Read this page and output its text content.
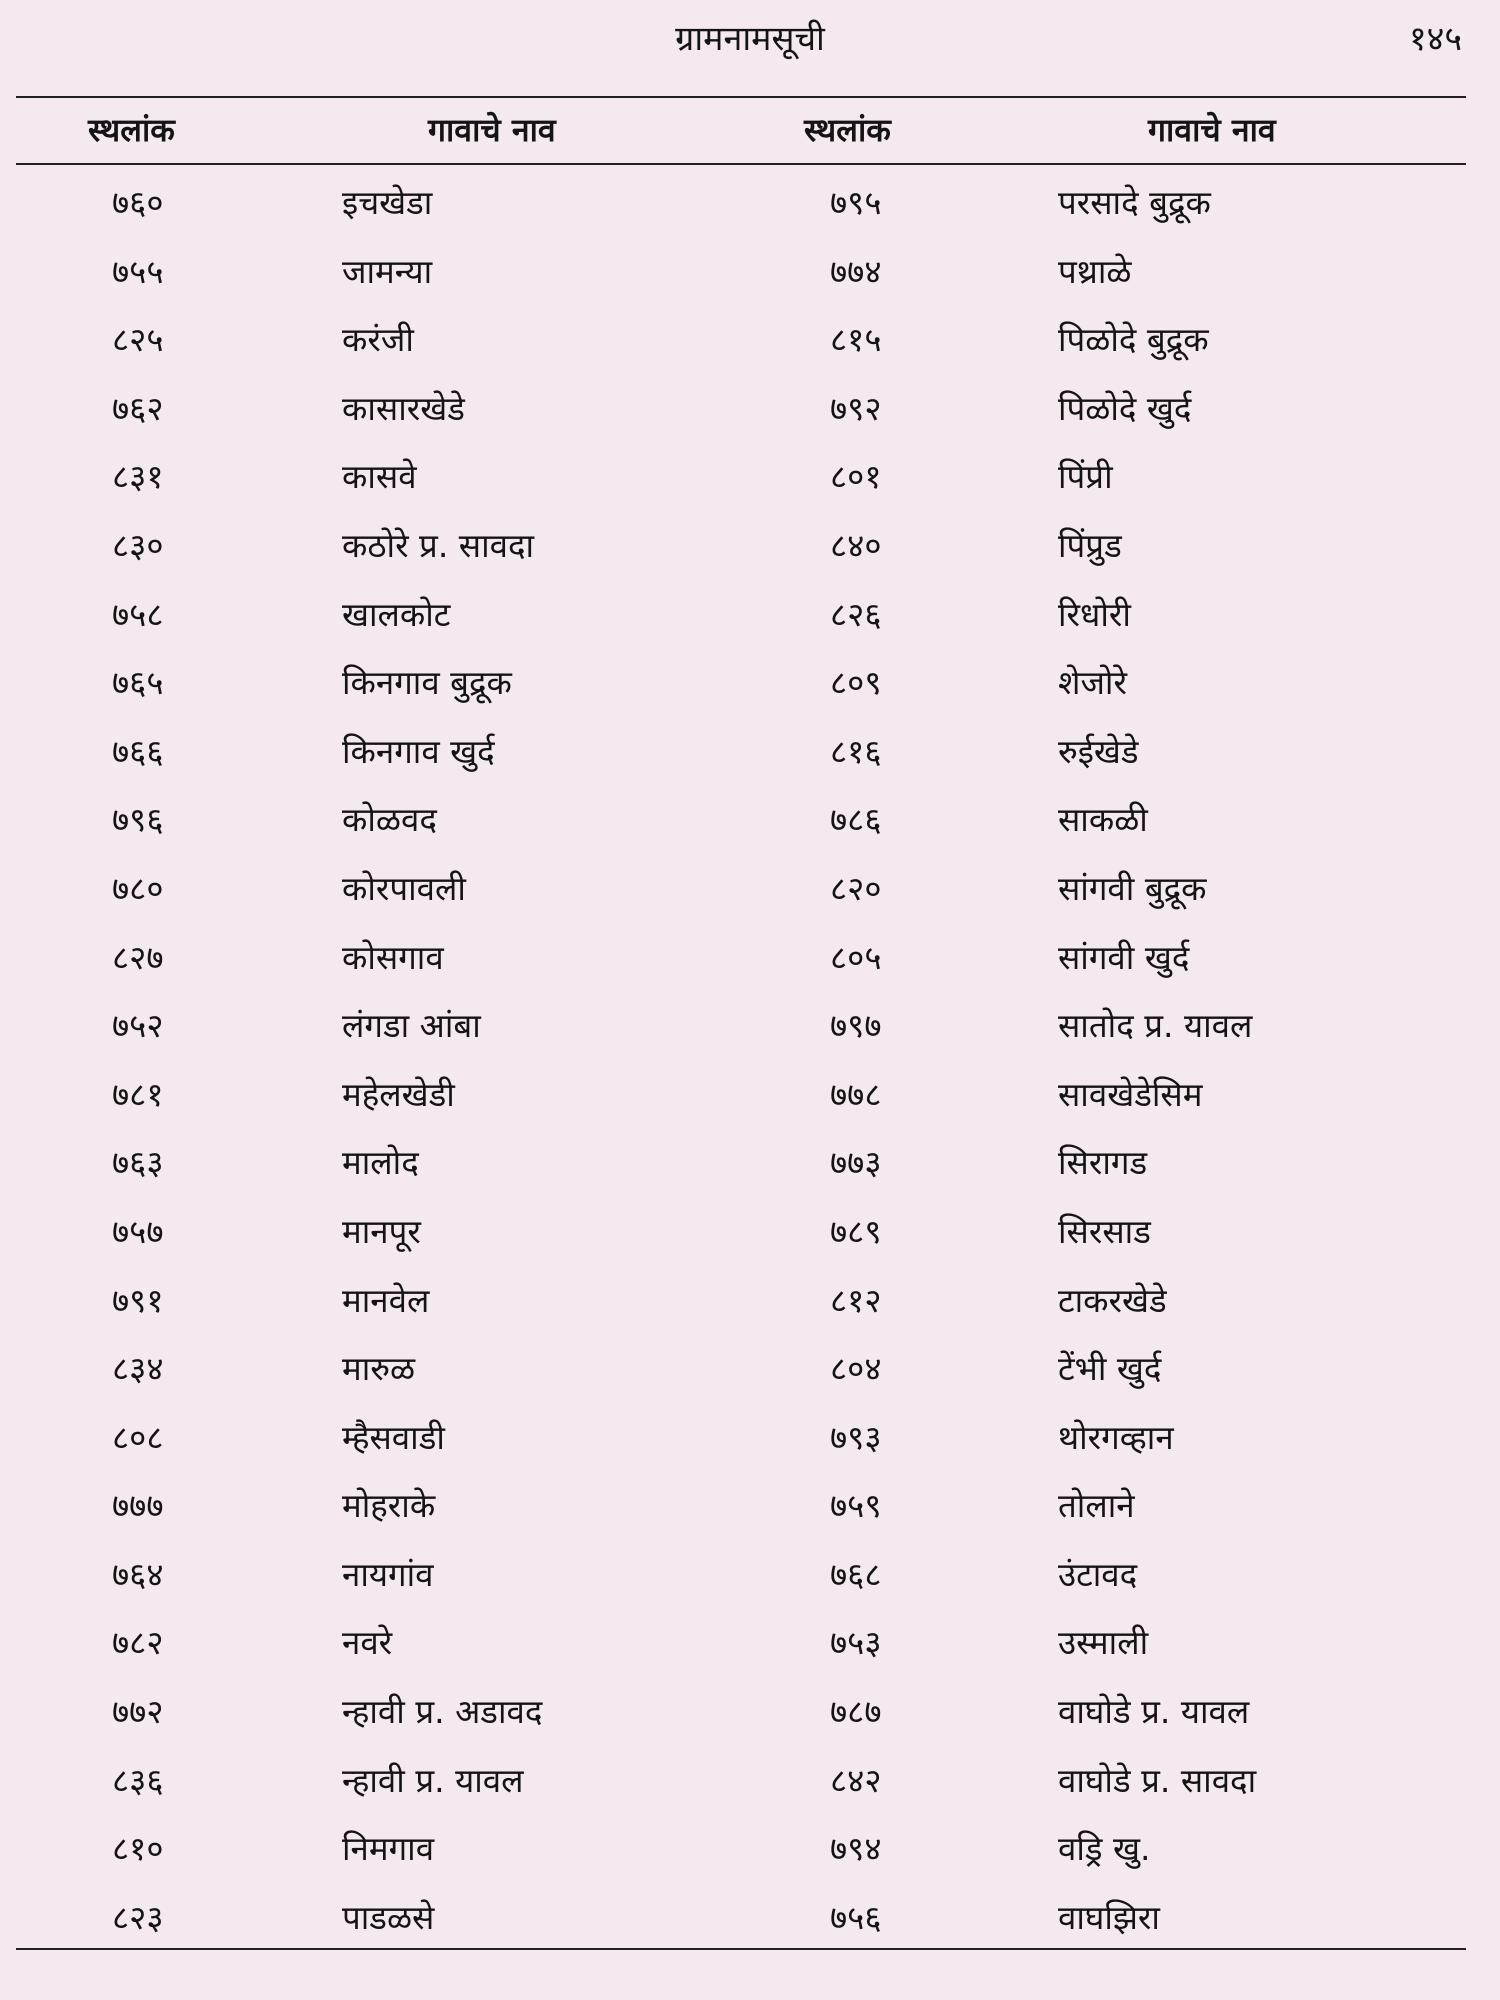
ग्रामनामसूची	१४५
स्थलांक	गावाचे नाव	स्थलांक	गावाचे नाव
७६०	इचखेडा	७९५	परसादे बुद्रूक
७५५	जामन्या	७७४	पथ्राळे
८२५	करंजी	८१५	पिळोदे बुद्रूक
७६२	कासारखेडे	७९२	पिळोदे खुर्द
८३१	कासवे	८०१	पिंप्री
८३०	कठोरे प्र. सावदा	८४०	पिंप्रुड
७५८	खालकोट	८२६	रिधोरी
७६५	किनगाव बुद्रूक	८०९	शेजोरे
७६६	किनगाव खुर्द	८१६	रुईखेडे
७९६	कोळवद	७८६	साकळी
७८०	कोरपावली	८२०	सांगवी बुद्रूक
८२७	कोसगाव	८०५	सांगवी खुर्द
७५२	लंगडा आंबा	७९७	सातोद प्र. यावल
७८१	महेलखेडी	७७८	सावखेडेसिम
७६३	मालोद	७७३	सिरागड
७५७	मानपूर	७८९	सिरसाड
७९१	मानवेल	८१२	टाकरखेडे
८३४	मारुळ	८०४	टेंभी खुर्द
८०८	म्हैसवाडी	७९३	थोरगव्हान
७७७	मोहराके	७५९	तोलाने
७६४	नायगांव	७६८	उंटावद
७८२	नवरे	७५३	उस्माली
७७२	न्हावी प्र. अडावद	७८७	वाघोडे प्र. यावल
८३६	न्हावी प्र. यावल	८४२	वाघोडे प्र. सावदा
८१०	निमगाव	७९४	वड्रि खु.
८२३	पाडळसे	७५६	वाघझिरा
